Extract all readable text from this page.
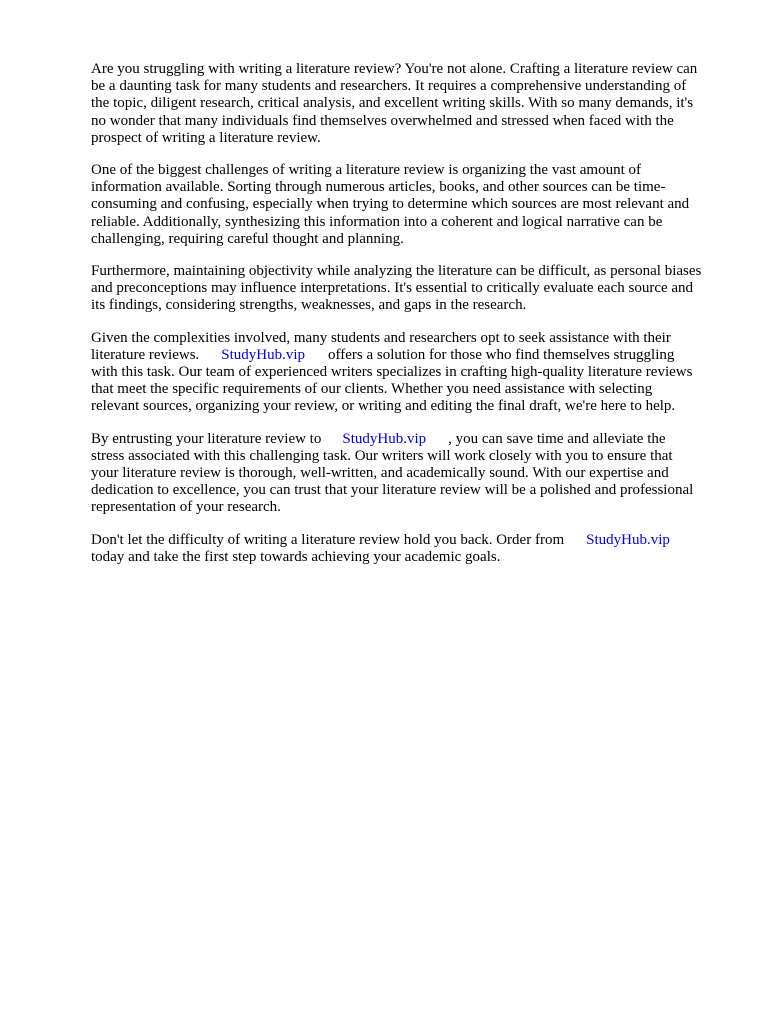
Are you struggling with writing a literature review? You're not alone. Crafting a literature review can
be a daunting task for many students and researchers. It requires a comprehensive understanding of
the topic, diligent research, critical analysis, and excellent writing skills. With so many demands, it's
no wonder that many individuals find themselves overwhelmed and stressed when faced with the
prospect of writing a literature review.

One of the biggest challenges of writing a literature review is organizing the vast amount of
information available. Sorting through numerous articles, books, and other sources can be time-
consuming and confusing, especially when trying to determine which sources are most relevant and
reliable. Additionally, synthesizing this information into a coherent and logical narrative can be
challenging, requiring careful thought and planning.

Furthermore, maintaining objectivity while analyzing the literature can be difficult, as personal biases
and preconceptions may influence interpretations. It's essential to critically evaluate each source and
its findings, considering strengths, weaknesses, and gaps in the research.

Given the complexities involved, many students and researchers opt to seek assistance with their
literature reviews. StudyHub.vip offers a solution for those who find themselves struggling
with this task. Our team of experienced writers specializes in crafting high-quality literature reviews
that meet the specific requirements of our clients. Whether you need assistance with selecting
relevant sources, organizing your review, or writing and editing the final draft, we're here to help.

By entrusting your literature review to StudyHub.vip , you can save time and alleviate the
stress associated with this challenging task. Our writers will work closely with you to ensure that
your literature review is thorough, well-written, and academically sound. With our expertise and
dedication to excellence, you can trust that your literature review will be a polished and professional
representation of your research.

Don't let the difficulty of writing a literature review hold you back. Order from StudyHub.vip
today and take the first step towards achieving your academic goals.
